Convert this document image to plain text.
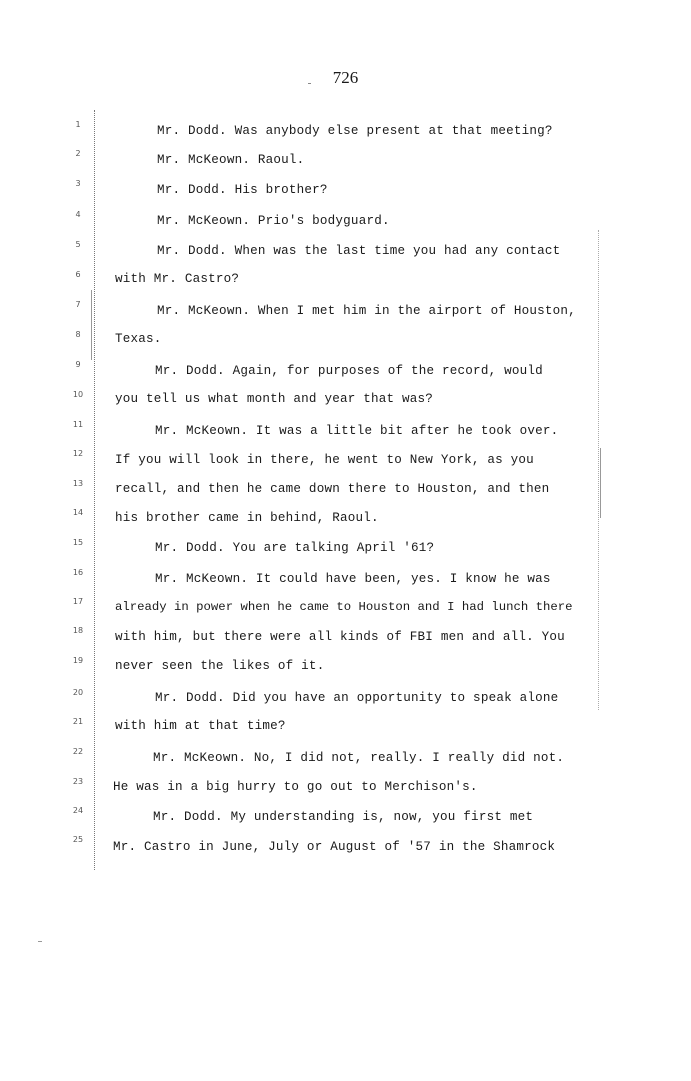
726
1
2
3
4
5
6
7
8
9
10
11
12
13
14
15
16
17
18
19
20
21
22
23
24
25
Mr. Dodd. Was anybody else present at that meeting?
Mr. McKeown. Raoul.
Mr. Dodd. His brother?
Mr. McKeown. Prio's bodyguard.
Mr. Dodd. When was the last time you had any contact
with Mr. Castro?
Mr. McKeown. When I met him in the airport of Houston,
Texas.
Mr. Dodd. Again, for purposes of the record, would
you tell us what month and year that was?
Mr. McKeown. It was a little bit after he took over.
If you will look in there, he went to New York, as you
recall, and then he came down there to Houston, and then
his brother came in behind, Raoul.
Mr. Dodd. You are talking April '61?
Mr. McKeown. It could have been, yes. I know he was
already in power when he came to Houston and I had lunch there
with him, but there were all kinds of FBI men and all. You
never seen the likes of it.
Mr. Dodd. Did you have an opportunity to speak alone
with him at that time?
Mr. McKeown. No, I did not, really. I really did not.
He was in a big hurry to go out to Merchison's.
Mr. Dodd. My understanding is, now, you first met
Mr. Castro in June, July or August of '57 in the Shamrock
